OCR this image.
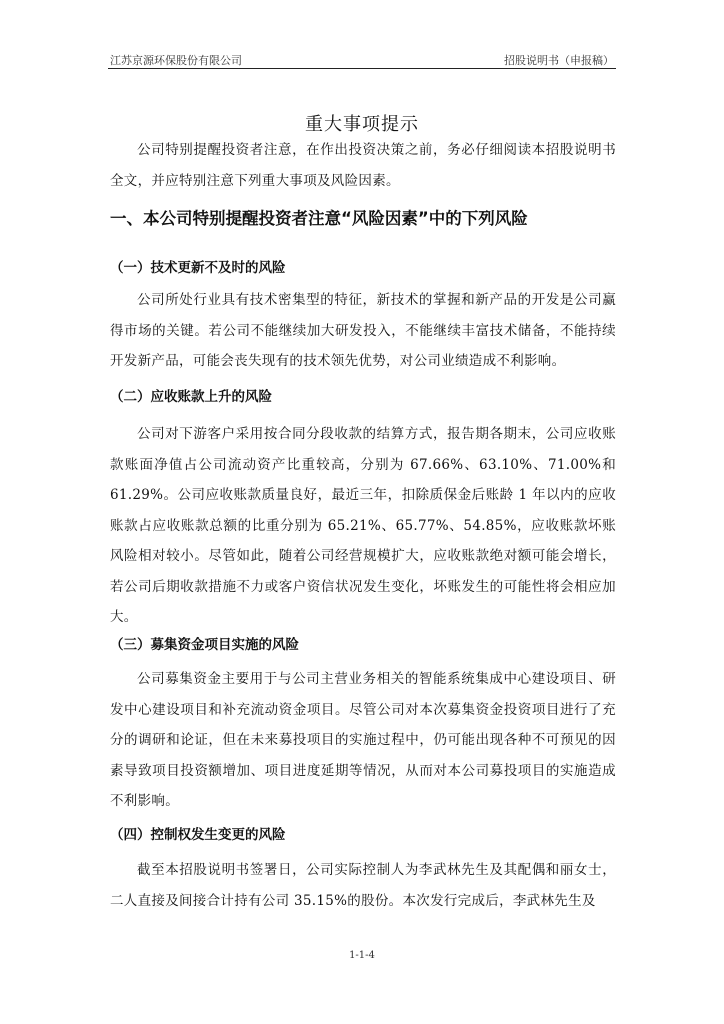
江苏京源环保股份有限公司	招股说明书（申报稿）
重大事项提示

公司特别提醒投资者注意，在作出投资决策之前，务必仔细阅读本招股说明书全文，并应特别注意下列重大事项及风险因素。

一、本公司特别提醒投资者注意“风险因素”中的下列风险
（一）技术更新不及时的风险

公司所处行业具有技术密集型的特征，新技术的掌握和新产品的开发是公司赢得市场的关键。若公司不能继续加大研发投入，不能继续丰富技术储备，不能持续开发新产品，可能会丧失现有的技术领先优势，对公司业绩造成不利影响。

（二）应收账款上升的风险

公司对下游客户采用按合同分段收款的结算方式，报告期各期末，公司应收账款账面净值占公司流动资产比重较高，分别为 67.66%、63.10%、71.00%和61.29%。公司应收账款质量良好，最近三年，扣除质保金后账龄 1 年以内的应收账款占应收账款总额的比重分别为 65.21%、65.77%、54.85%，应收账款坏账风险相对较小。尽管如此，随着公司经营规模扩大，应收账款绝对额可能会增长，若公司后期收款措施不力或客户资信状况发生变化，坏账发生的可能性将会相应加大。

（三）募集资金项目实施的风险

公司募集资金主要用于与公司主营业务相关的智能系统集成中心建设项目、研发中心建设项目和补充流动资金项目。尽管公司对本次募集资金投资项目进行了充分的调研和论证，但在未来募投项目的实施过程中，仍可能出现各种不可预见的因素导致项目投资额增加、项目进度延期等情况，从而对本公司募投项目的实施造成不利影响。

（四）控制权发生变更的风险

截至本招股说明书签署日，公司实际控制人为李武林先生及其配偶和丽女士，二人直接及间接合计持有公司 35.15%的股份。本次发行完成后，李武林先生及

1-1-4
